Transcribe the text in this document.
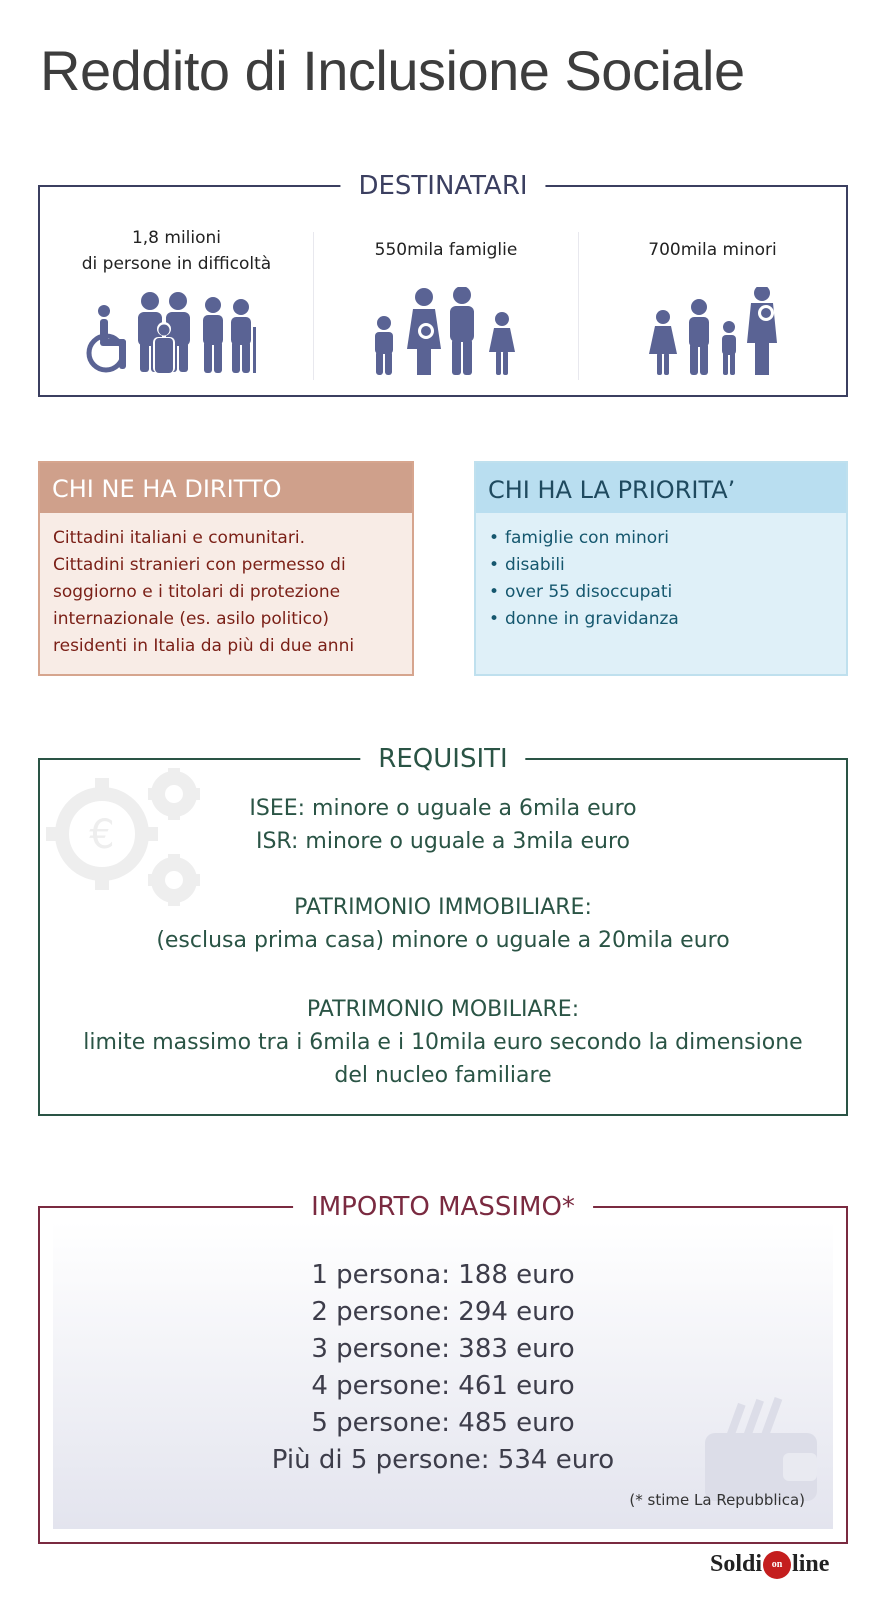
Reddito di Inclusione Sociale
DESTINATARI
1,8 milioni
di persone in difficoltà
550mila famiglie	700mila minori
CHI NE HA DIRITTO
Cittadini italiani e comunitari.
Cittadini stranieri con permesso di
soggiorno e i titolari di protezione
internazionale (es. asilo politico)
residenti in Italia da più di due anni
CHI HA LA PRIORITA’
• famiglie con minori
• disabili
• over 55 disoccupati
• donne in gravidanza
€
REQUISITI
ISEE: minore o uguale a 6mila euro
ISR: minore o uguale a 3mila euro
PATRIMONIO IMMOBILIARE:
(esclusa prima casa) minore o uguale a 20mila euro
PATRIMONIO MOBILIARE:
limite massimo tra i 6mila e i 10mila euro secondo la dimensione
del nucleo familiare
(* stime La Repubblica)
IMPORTO MASSIMO*
1 persona: 188 euro
2 persone: 294 euro
3 persone: 383 euro
4 persone: 461 euro
5 persone: 485 euro
Più di 5 persone: 534 euro
Soldi on line
